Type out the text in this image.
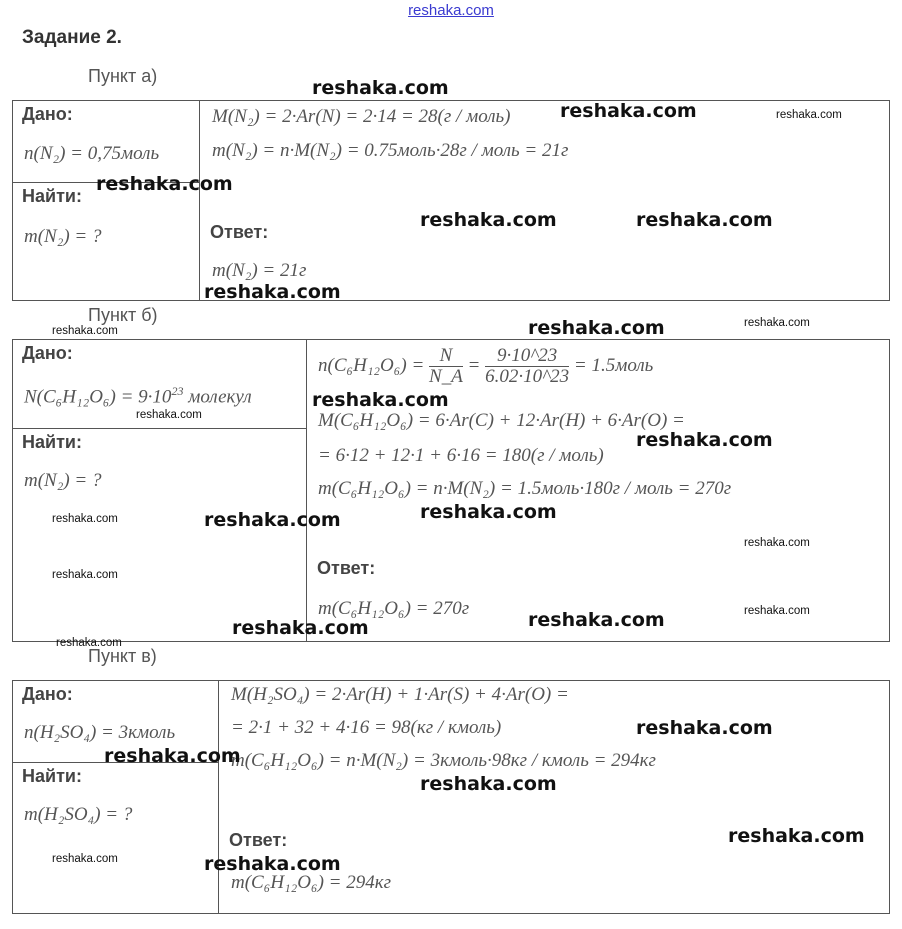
reshaka.com
Задание 2.
Пункт а)
Дано:
n(N₂) = 0,75моль
Найти:
m(N₂) = ?
M(N₂) = 2·Ar(N) = 2·14 = 28(г / моль)
m(N₂) = n·M(N₂) = 0.75моль·28г / моль = 21г
Ответ:
m(N₂) = 21г
Пункт б)
Дано:
$N(C_6H_{12}O_6) = 9\cdot 10^{23}$ молекул
Найти:
m(N₂) = ?
$n(C_6H_{12}O_6) = \frac{N}{N\_A} = \frac{9\cdot 10\^{}23}{6.02\cdot 10\^{}23}$ = 1.5моль
M(C₆H₁₂O₆) = 6·Ar(C) + 12·Ar(H) + 6·Ar(O) =
= 6·12 + 12·1 + 6·16 = 180(г / моль)
m(C₆H₁₂O₆) = n·M(N₂) = 1.5моль·180г / моль = 270г
Ответ:
m(C₆H₁₂O₆) = 270г
Пункт в)
Дано:
n(H₂SO₄) = 3кмоль
Найти:
m(H₂SO₄) = ?
M(H₂SO₄) = 2·Ar(H) + 1·Ar(S) + 4·Ar(O) =
= 2·1 + 32 + 4·16 = 98(кг / кмоль)
m(C₆H₁₂O₆) = n·M(N₂) = 3кмоль·98кг / кмоль = 294кг
Ответ:
m(C₆H₁₂O₆) = 294кг
reshaka.com
reshaka.com	reshaka.com
reshaka.com
reshaka.com	reshaka.com
reshaka.com
reshaka.com	reshaka.com	reshaka.com
reshaka.com
reshaka.com
reshaka.com
reshaka.com
reshaka.com	reshaka.com
reshaka.com
reshaka.com
reshaka.com
reshaka.com
reshaka.com
reshaka.com
reshaka.com
reshaka.com
reshaka.com
reshaka.com
reshaka.com	reshaka.com
